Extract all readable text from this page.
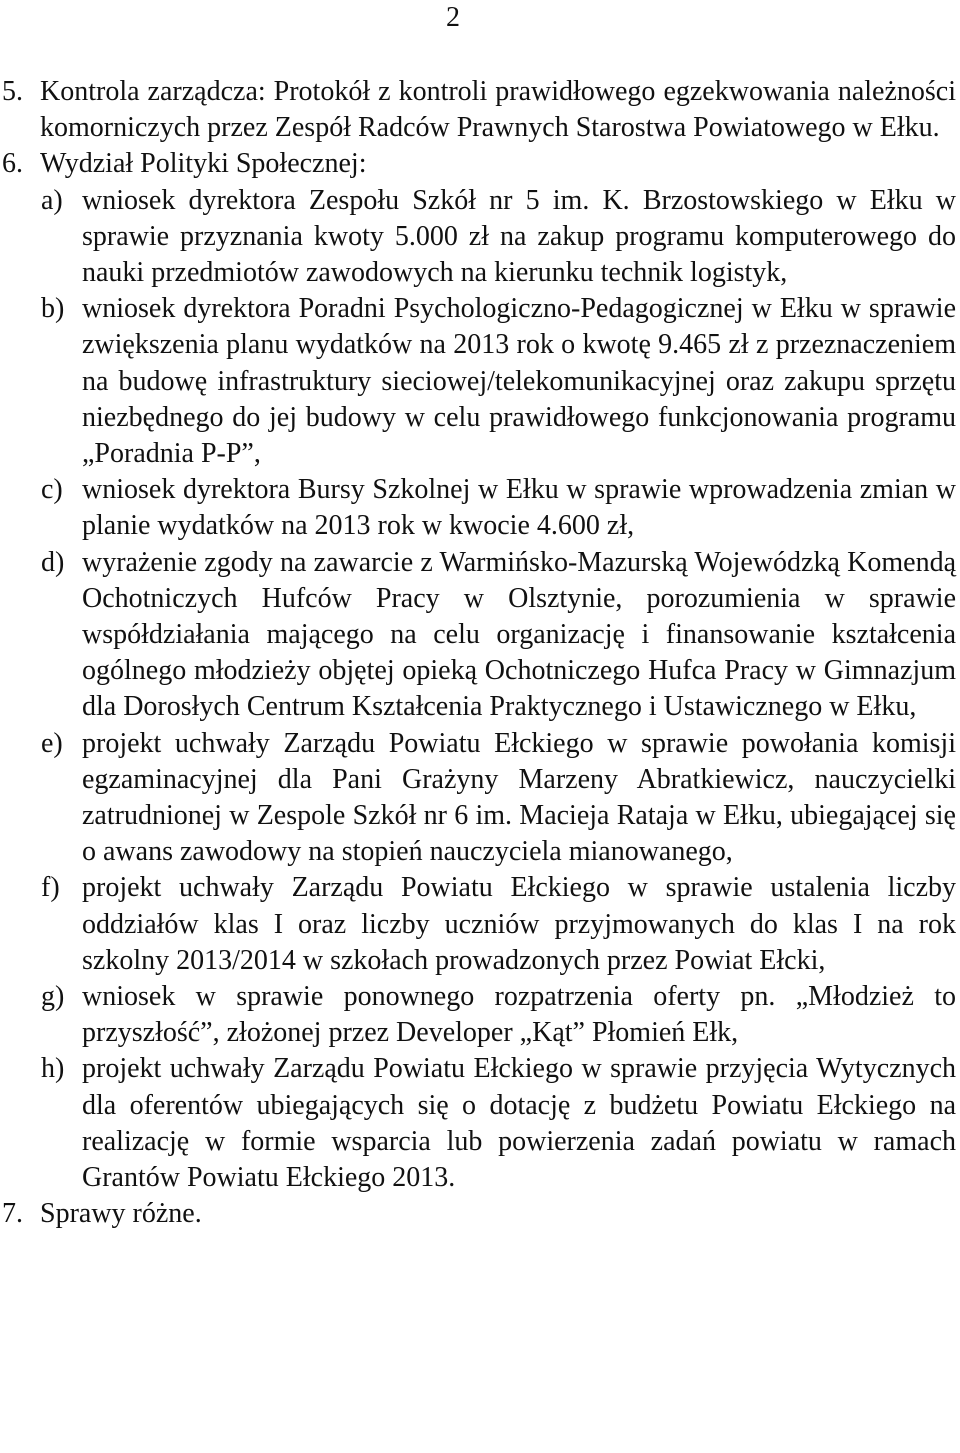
2
5. Kontrola zarządcza: Protokół z kontroli prawidłowego egzekwowania należności komorniczych przez Zespół Radców Prawnych Starostwa Powiatowego w Ełku.
6. Wydział Polityki Społecznej:
a) wniosek dyrektora Zespołu Szkół nr 5 im. K. Brzostowskiego w Ełku w sprawie przyznania kwoty 5.000 zł na zakup programu komputerowego do nauki przedmiotów zawodowych na kierunku technik logistyk,
b) wniosek dyrektora Poradni Psychologiczno-Pedagogicznej w Ełku w sprawie zwiększenia planu wydatków na 2013 rok o kwotę 9.465 zł z przeznaczeniem na budowę infrastruktury sieciowej/telekomunikacyjnej oraz zakupu sprzętu niezbędnego do jej budowy w celu prawidłowego funkcjonowania programu „Poradnia P-P”,
c) wniosek dyrektora Bursy Szkolnej w Ełku w sprawie wprowadzenia zmian w planie wydatków na 2013 rok w kwocie 4.600 zł,
d) wyrażenie zgody na zawarcie z Warmińsko-Mazurską Wojewódzką Komendą Ochotniczych Hufców Pracy w Olsztynie, porozumienia w sprawie współdziałania mającego na celu organizację i finansowanie kształcenia ogólnego młodzieży objętej opieką Ochotniczego Hufca Pracy w Gimnazjum dla Dorosłych Centrum Kształcenia Praktycznego i Ustawicznego w Ełku,
e) projekt uchwały Zarządu Powiatu Ełckiego w sprawie powołania komisji egzaminacyjnej dla Pani Grażyny Marzeny Abratkiewicz, nauczycielki zatrudnionej w Zespole Szkół nr 6 im. Macieja Rataja w Ełku, ubiegającej się o awans zawodowy na stopień nauczyciela mianowanego,
f) projekt uchwały Zarządu Powiatu Ełckiego w sprawie ustalenia liczby oddziałów klas I oraz liczby uczniów przyjmowanych do klas I na rok szkolny 2013/2014 w szkołach prowadzonych przez Powiat Ełcki,
g) wniosek w sprawie ponownego rozpatrzenia oferty pn. „Młodzież to przyszłość”, złożonej przez Developer „Kąt” Płomień Ełk,
h) projekt uchwały Zarządu Powiatu Ełckiego w sprawie przyjęcia Wytycznych dla oferentów ubiegających się o dotację z budżetu Powiatu Ełckiego na realizację w formie wsparcia lub powierzenia zadań powiatu w ramach Grantów Powiatu Ełckiego 2013.
7. Sprawy różne.
